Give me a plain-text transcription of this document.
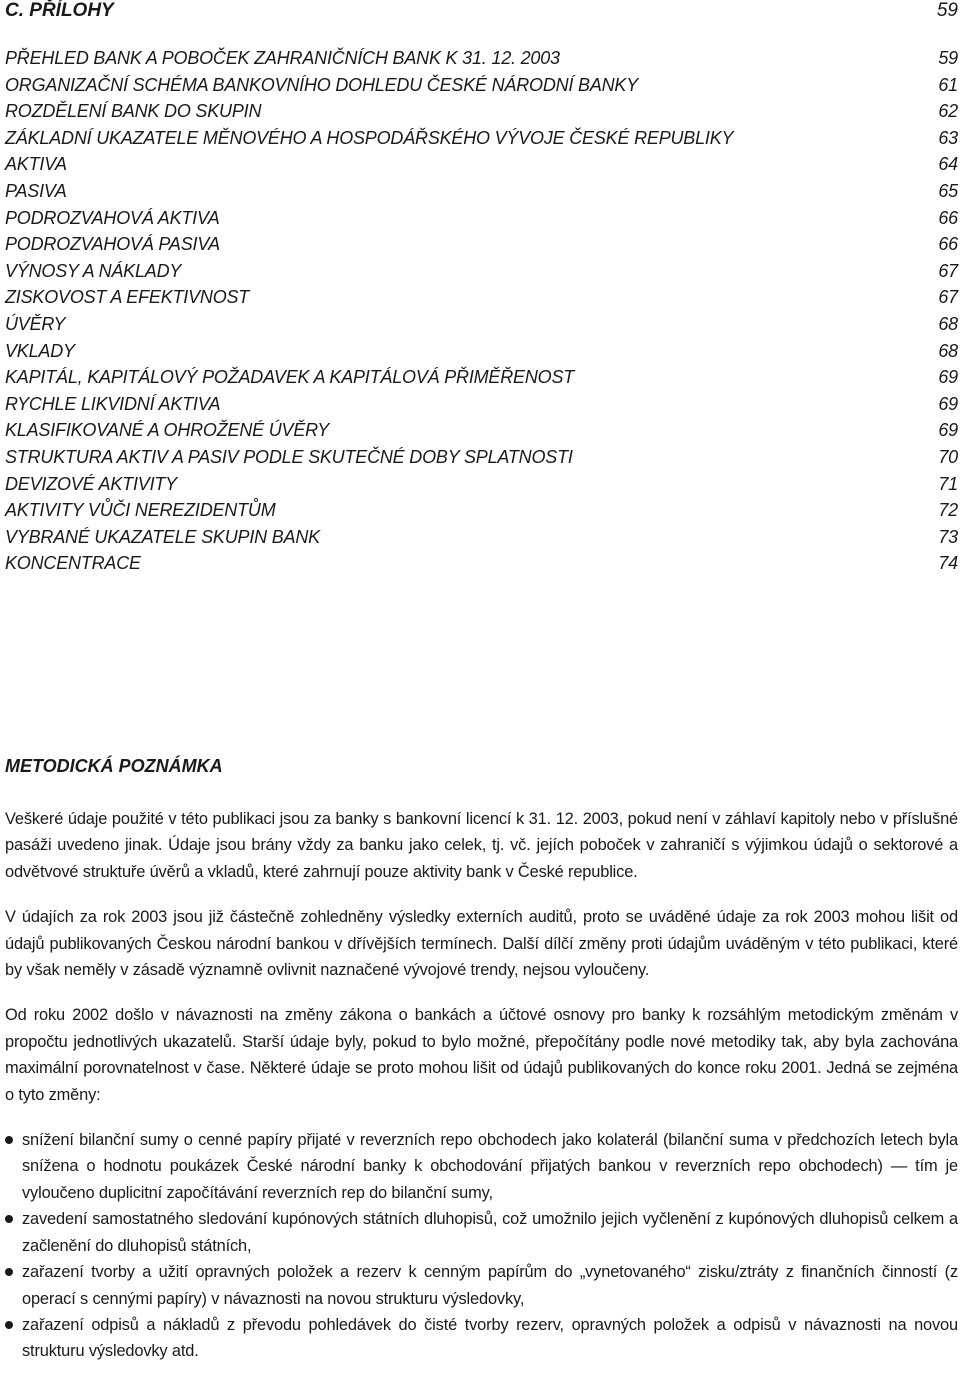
C. PŘÍLOHY	59
PŘEHLED BANK A POBOČEK ZAHRANIČNÍCH BANK K 31. 12. 2003	59
ORGANIZAČNÍ SCHÉMA BANKOVNÍHO DOHLEDU ČESKÉ NÁRODNÍ BANKY	61
ROZDĚLENÍ BANK DO SKUPIN	62
ZÁKLADNÍ UKAZATELE MĚNOVÉHO A HOSPODÁŘSKÉHO VÝVOJE ČESKÉ REPUBLIKY	63
AKTIVA	64
PASIVA	65
PODROZVAHOVÁ AKTIVA	66
PODROZVAHOVÁ PASIVA	66
VÝNOSY A NÁKLADY	67
ZISKOVOST A EFEKTIVNOST	67
ÚVĚRY	68
VKLADY	68
KAPITÁL, KAPITÁLOVÝ POŽADAVEK A KAPITÁLOVÁ PŘIMĚŘENOST	69
RYCHLE LIKVIDNÍ AKTIVA	69
KLASIFIKOVANÉ A OHROŽENÉ ÚVĚRY	69
STRUKTURA AKTIV A PASIV PODLE SKUTEČNÉ DOBY SPLATNOSTI	70
DEVIZOVÉ AKTIVITY	71
AKTIVITY VŮČI NEREZIDENTŮM	72
VYBRANÉ UKAZATELE SKUPIN BANK	73
KONCENTRACE	74
METODICKÁ POZNÁMKA

Veškeré údaje použité v této publikaci jsou za banky s bankovní licencí k 31. 12. 2003, pokud není v záhlaví kapitoly nebo v příslušné pasáži uvedeno jinak. Údaje jsou brány vždy za banku jako celek, tj. vč. jejích poboček v zahraničí s výjimkou údajů o sektorové a odvětvové struktuře úvěrů a vkladů, které zahrnují pouze aktivity bank v České republice.

V údajích za rok 2003 jsou již částečně zohledněny výsledky externích auditů, proto se uváděné údaje za rok 2003 mohou lišit od údajů publikovaných Českou národní bankou v dřívějších termínech. Další dílčí změny proti údajům uváděným v této publikaci, které by však neměly v zásadě významně ovlivnit naznačené vývojové trendy, nejsou vyloučeny.

Od roku 2002 došlo v návaznosti na změny zákona o bankách a účtové osnovy pro banky k rozsáhlým metodickým změnám v propočtu jednotlivých ukazatelů. Starší údaje byly, pokud to bylo možné, přepočítány podle nové metodiky tak, aby byla zachována maximální porovnatelnost v čase. Některé údaje se proto mohou lišit od údajů publikovaných do konce roku 2001. Jedná se zejména o tyto změny:

snížení bilanční sumy o cenné papíry přijaté v reverzních repo obchodech jako kolaterál (bilanční suma v předchozích letech byla snížena o hodnotu poukázek České národní banky k obchodování přijatých bankou v reverzních repo obchodech) — tím je vyloučeno duplicitní započítávání reverzních rep do bilanční sumy,
zavedení samostatného sledování kupónových státních dluhopisů, což umožnilo jejich vyčlenění z kupónových dluhopisů celkem a začlenění do dluhopisů státních,
zařazení tvorby a užití opravných položek a rezerv k cenným papírům do „vynetovaného“ zisku/ztráty z finančních činností (z operací s cennými papíry) v návaznosti na novou strukturu výsledovky,
zařazení odpisů a nákladů z převodu pohledávek do čisté tvorby rezerv, opravných položek a odpisů v návaznosti na novou strukturu výsledovky atd.
